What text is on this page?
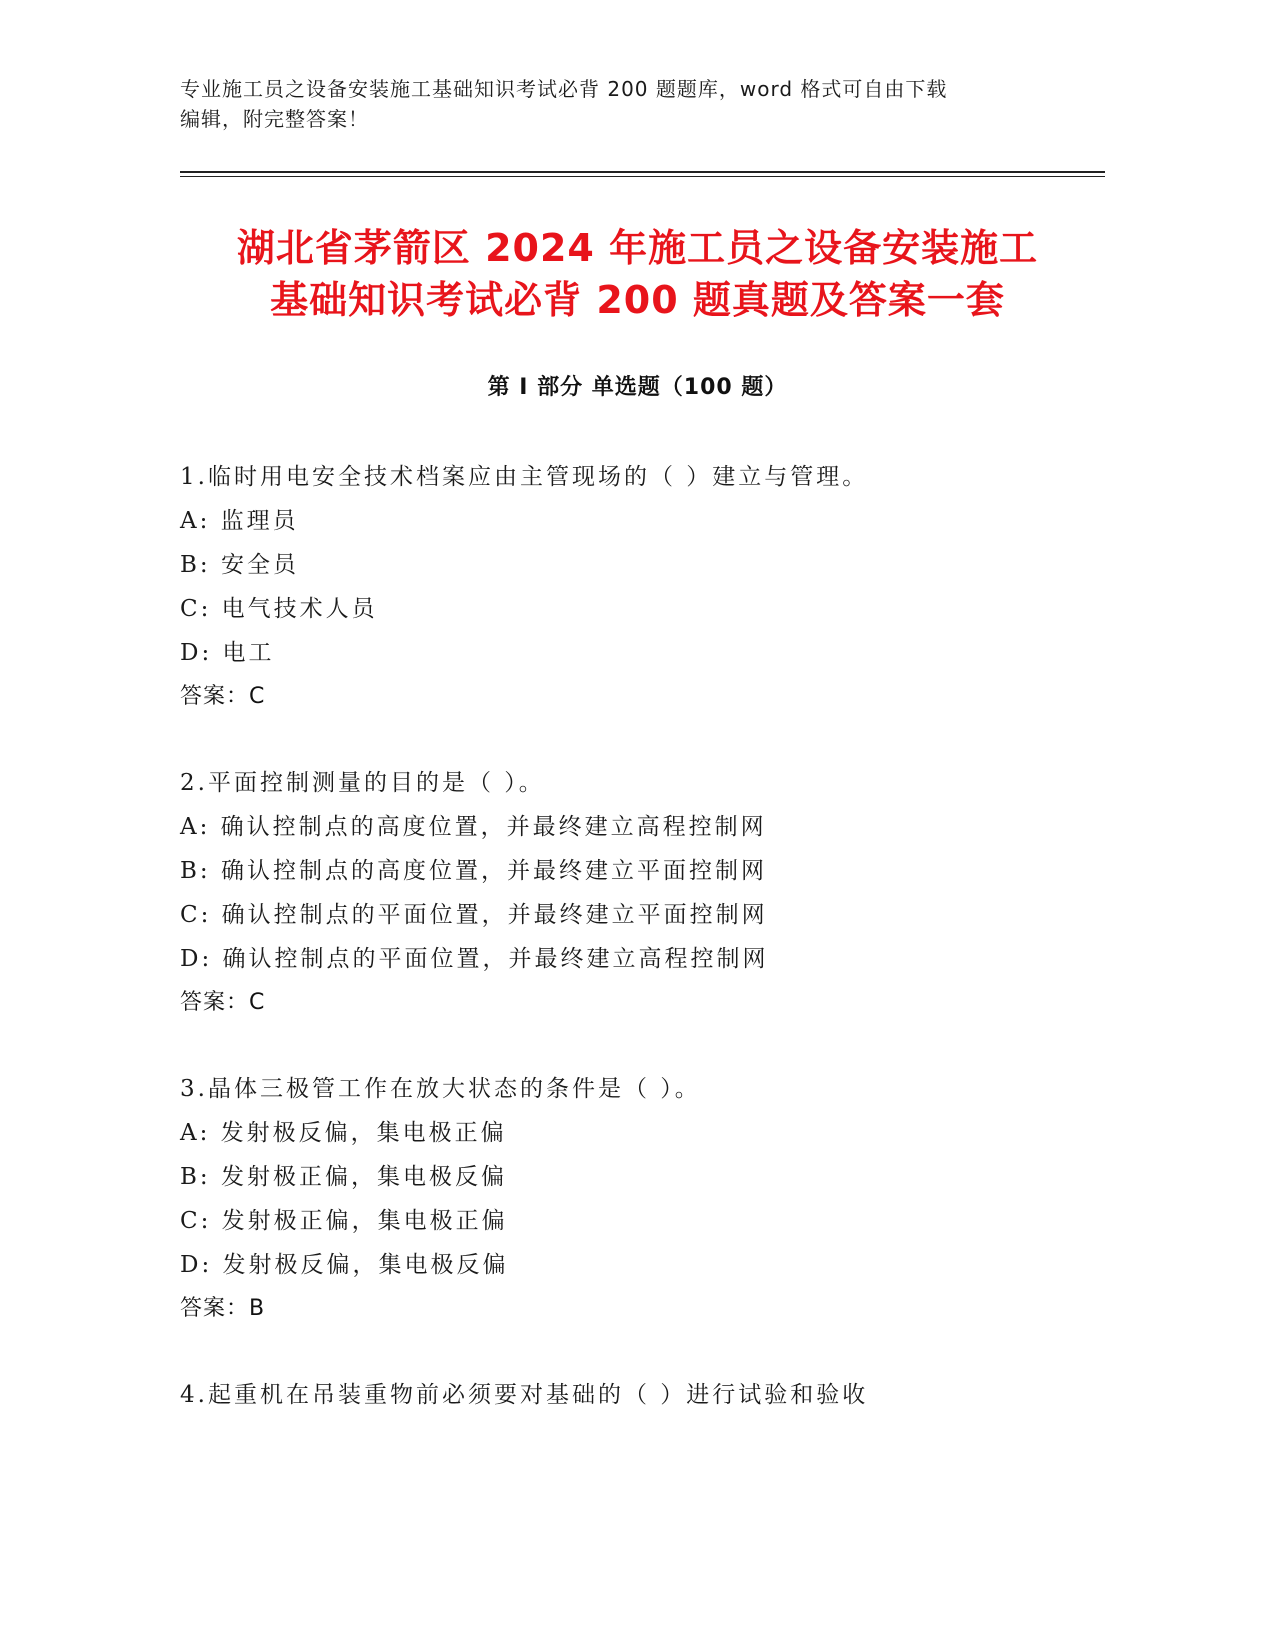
专业施工员之设备安装施工基础知识考试必背 200 题题库，word 格式可自由下载
编辑，附完整答案！
湖北省茅箭区 2024 年施工员之设备安装施工
基础知识考试必背 200 题真题及答案一套
第 I 部分 单选题（100 题）
1.临时用电安全技术档案应由主管现场的（ ）建立与管理。
A: 监理员
B: 安全员
C: 电气技术人员
D: 电工
答案：C
2.平面控制测量的目的是（ ）。
A: 确认控制点的高度位置，并最终建立高程控制网
B: 确认控制点的高度位置，并最终建立平面控制网
C: 确认控制点的平面位置，并最终建立平面控制网
D: 确认控制点的平面位置，并最终建立高程控制网
答案：C
3.晶体三极管工作在放大状态的条件是（ ）。
A: 发射极反偏，集电极正偏
B: 发射极正偏，集电极反偏
C: 发射极正偏，集电极正偏
D: 发射极反偏，集电极反偏
答案：B
4.起重机在吊装重物前必须要对基础的（ ）进行试验和验收
